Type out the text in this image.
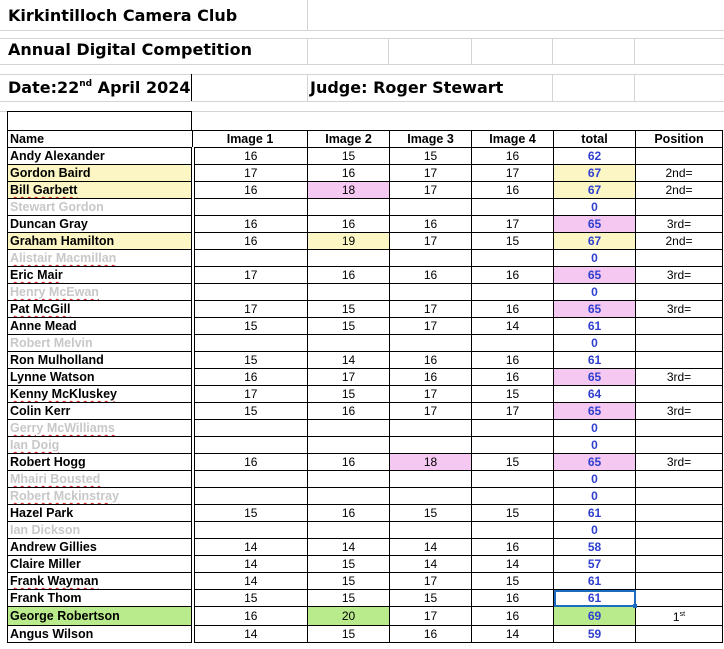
Kirkintilloch Camera Club
Annual Digital Competition
Date:22nd April 2024	Judge: Roger Stewart
Name	Image 1	Image 2	Image 3	Image 4	total	Position
Andy Alexander	16	15	15	16	62	
Gordon Baird	17	16	17	17	67	2nd=
Bill Garbett	16	18	17	16	67	2nd=
Stewart Gordon					0	
Duncan Gray	16	16	16	17	65	3rd=
Graham Hamilton	16	19	17	15	67	2nd=
Alistair Macmillan					0	
Eric Mair	17	16	16	16	65	3rd=
Henry McEwan					0	
Pat McGill	17	15	17	16	65	3rd=
Anne Mead	15	15	17	14	61	
Robert Melvin					0	
Ron Mulholland	15	14	16	16	61	
Lynne Watson	16	17	16	16	65	3rd=
Kenny McKluskey	17	15	17	15	64	
Colin Kerr	15	16	17	17	65	3rd=
Gerry McWilliams					0	
Ian Doig					0	
Robert Hogg	16	16	18	15	65	3rd=
Mhairi Bousted					0	
Robert Mckinstray					0	
Hazel Park	15	16	15	15	61	
Ian Dickson					0	
Andrew Gillies	14	14	14	16	58	
Claire Miller	14	15	14	14	57	
Frank Wayman	14	15	17	15	61	
Frank Thom	15	15	15	16	61	
George Robertson	16	20	17	16	69	1st
Angus Wilson	14	15	16	14	59	
